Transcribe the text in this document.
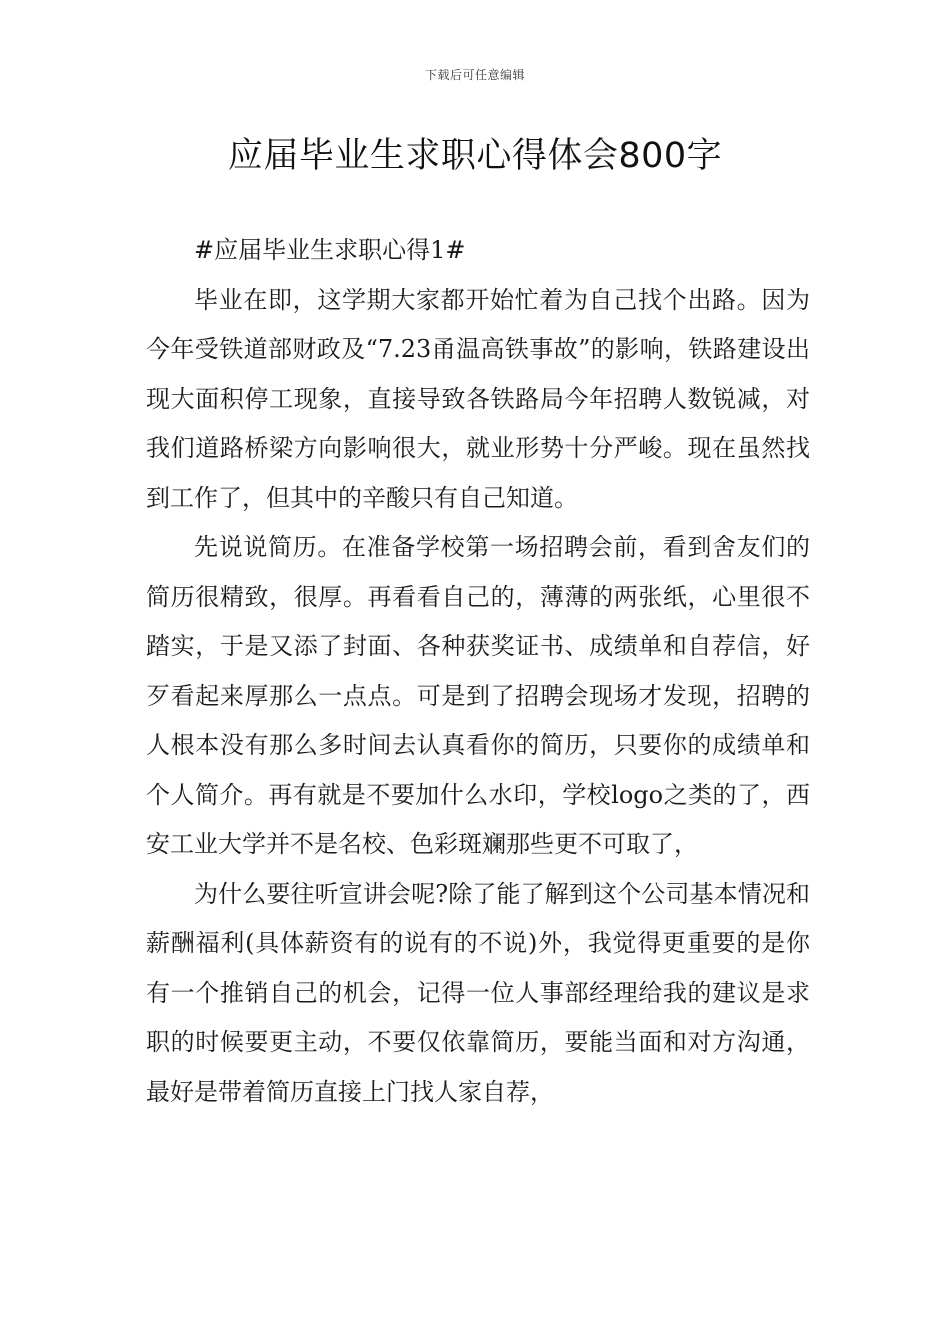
下载后可任意编辑
应届毕业生求职心得体会800字
#应届毕业生求职心得1#

毕业在即，这学期大家都开始忙着为自己找个出路。因为今年受铁道部财政及“7.23甬温高铁事故”的影响，铁路建设出现大面积停工现象，直接导致各铁路局今年招聘人数锐减，对我们道路桥梁方向影响很大，就业形势十分严峻。现在虽然找到工作了，但其中的辛酸只有自己知道。

先说说简历。在准备学校第一场招聘会前，看到舍友们的简历很精致，很厚。再看看自己的，薄薄的两张纸，心里很不踏实，于是又添了封面、各种获奖证书、成绩单和自荐信，好歹看起来厚那么一点点。可是到了招聘会现场才发现，招聘的人根本没有那么多时间去认真看你的简历，只要你的成绩单和个人简介。再有就是不要加什么水印，学校logo之类的了，西安工业大学并不是名校、色彩斑斓那些更不可取了，

为什么要往听宣讲会呢?除了能了解到这个公司基本情况和薪酬福利(具体薪资有的说有的不说)外，我觉得更重要的是你有一个推销自己的机会，记得一位人事部经理给我的建议是求职的时候要更主动，不要仅依靠简历，要能当面和对方沟通，最好是带着简历直接上门找人家自荐，
